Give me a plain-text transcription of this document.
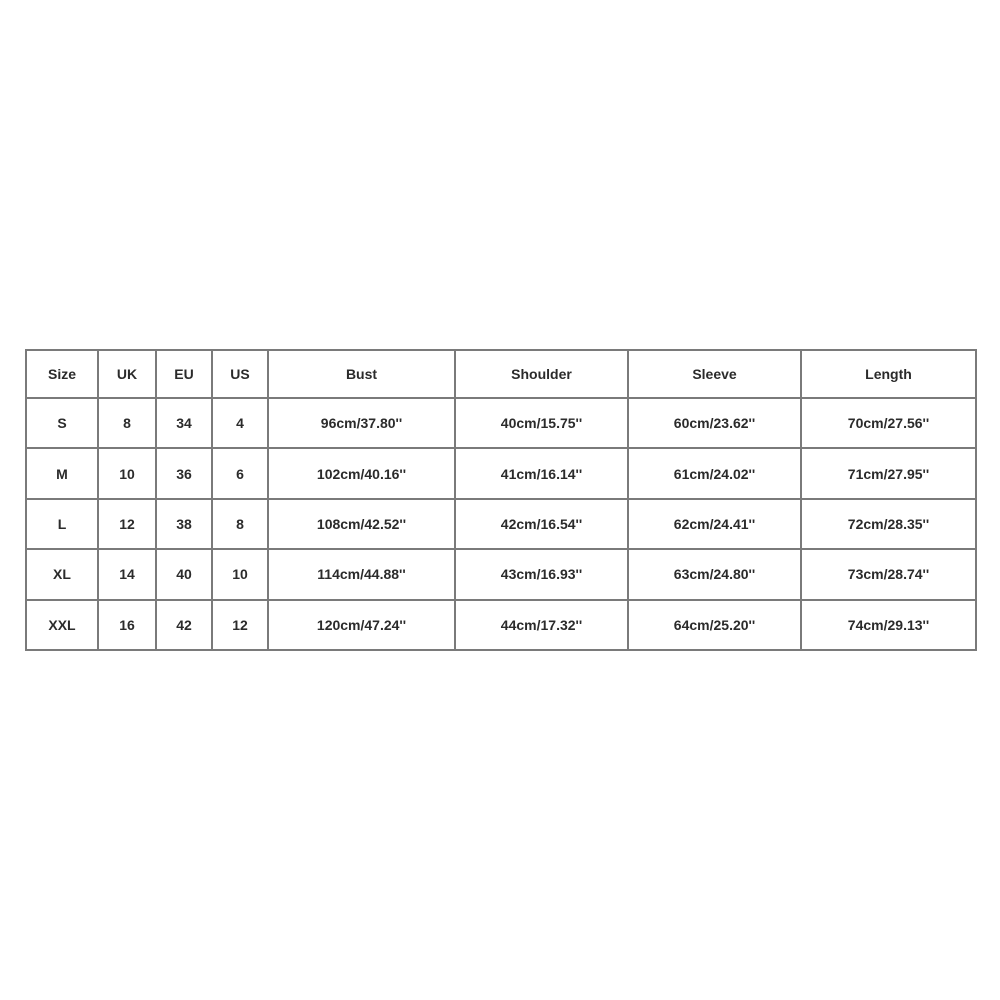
Size	UK	EU	US	Bust	Shoulder	Sleeve	Length
S	8	34	4	96cm/37.80''	40cm/15.75''	60cm/23.62''	70cm/27.56''
M	10	36	6	102cm/40.16''	41cm/16.14''	61cm/24.02''	71cm/27.95''
L	12	38	8	108cm/42.52''	42cm/16.54''	62cm/24.41''	72cm/28.35''
XL	14	40	10	114cm/44.88''	43cm/16.93''	63cm/24.80''	73cm/28.74''
XXL	16	42	12	120cm/47.24''	44cm/17.32''	64cm/25.20''	74cm/29.13''
